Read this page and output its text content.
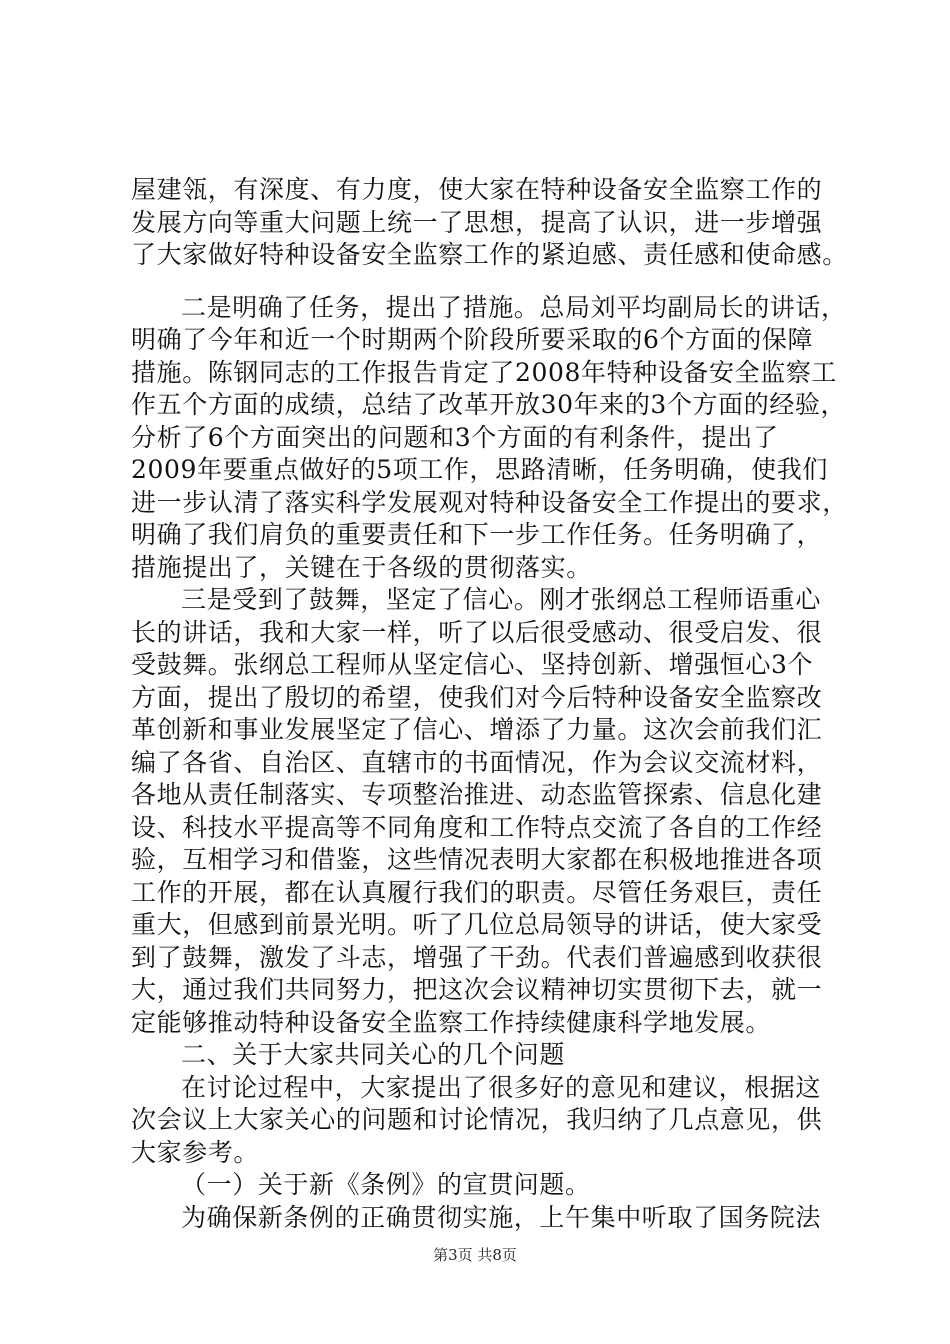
屋建瓴，有深度、有力度，使大家在特种设备安全监察工作的
发展方向等重大问题上统一了思想，提高了认识，进一步增强
了大家做好特种设备安全监察工作的紧迫感、责任感和使命感。
二是明确了任务，提出了措施。总局刘平均副局长的讲话，
明确了今年和近一个时期两个阶段所要采取的6个方面的保障
措施。陈钢同志的工作报告肯定了2008年特种设备安全监察工
作五个方面的成绩，总结了改革开放30年来的3个方面的经验，
分析了6个方面突出的问题和3个方面的有利条件，提出了
2009年要重点做好的5项工作，思路清晰，任务明确，使我们
进一步认清了落实科学发展观对特种设备安全工作提出的要求，
明确了我们肩负的重要责任和下一步工作任务。任务明确了，
措施提出了，关键在于各级的贯彻落实。
三是受到了鼓舞，坚定了信心。刚才张纲总工程师语重心
长的讲话，我和大家一样，听了以后很受感动、很受启发、很
受鼓舞。张纲总工程师从坚定信心、坚持创新、增强恒心3个
方面，提出了殷切的希望，使我们对今后特种设备安全监察改
革创新和事业发展坚定了信心、增添了力量。这次会前我们汇
编了各省、自治区、直辖市的书面情况，作为会议交流材料，
各地从责任制落实、专项整治推进、动态监管探索、信息化建
设、科技水平提高等不同角度和工作特点交流了各自的工作经
验，互相学习和借鉴，这些情况表明大家都在积极地推进各项
工作的开展，都在认真履行我们的职责。尽管任务艰巨，责任
重大，但感到前景光明。听了几位总局领导的讲话，使大家受
到了鼓舞，激发了斗志，增强了干劲。代表们普遍感到收获很
大，通过我们共同努力，把这次会议精神切实贯彻下去，就一
定能够推动特种设备安全监察工作持续健康科学地发展。
二、关于大家共同关心的几个问题
在讨论过程中，大家提出了很多好的意见和建议，根据这
次会议上大家关心的问题和讨论情况，我归纳了几点意见，供
大家参考。
（一）关于新《条例》的宣贯问题。
为确保新条例的正确贯彻实施，上午集中听取了国务院法
第3页 共8页
